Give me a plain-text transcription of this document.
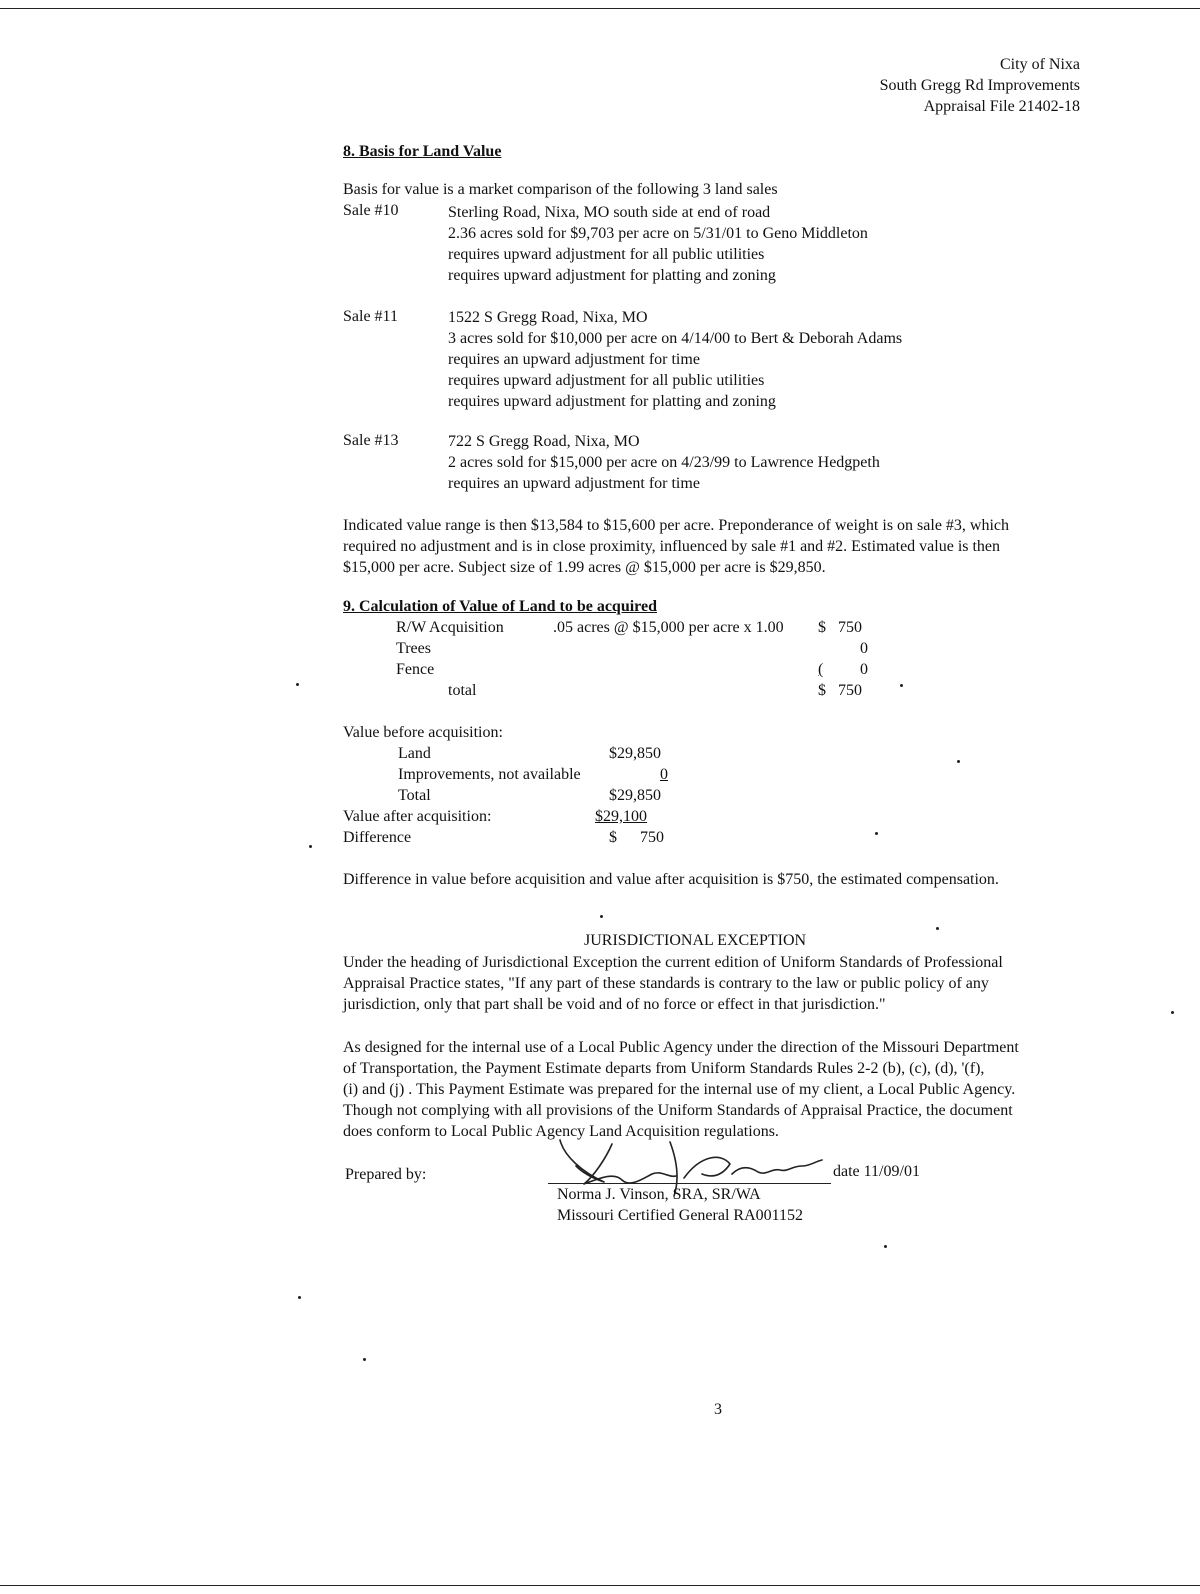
City of Nixa
South Gregg Rd Improvements
Appraisal File 21402-18
8. Basis for Land Value
Basis for value is a market comparison of the following 3 land sales
Sale #10	Sterling Road, Nixa, MO south side at end of road
2.36 acres sold for $9,703 per acre on 5/31/01 to Geno Middleton
requires upward adjustment for all public utilities
requires upward adjustment for platting and zoning
Sale #11	1522 S Gregg Road, Nixa, MO
3 acres sold for $10,000 per acre on 4/14/00 to Bert & Deborah Adams
requires an upward adjustment for time
requires upward adjustment for all public utilities
requires upward adjustment for platting and zoning
Sale #13	722 S Gregg Road, Nixa, MO
2 acres sold for $15,000 per acre on 4/23/99 to Lawrence Hedgpeth
requires an upward adjustment for time
Indicated value range is then $13,584 to $15,600 per acre. Preponderance of weight is on sale #3, which
required no adjustment and is in close proximity, influenced by sale #1 and #2. Estimated value is then
$15,000 per acre. Subject size of 1.99 acres @ $15,000 per acre is $29,850.
9. Calculation of Value of Land to be acquired
R/W Acquisition	.05 acres @ $15,000 per acre x 1.00 $ 750
Trees	0
Fence	( 0
total	$ 750
Value before acquisition:
Land	$29,850
Improvements, not available	0
Total	$29,850
Value after acquisition:	$29,100
Difference	$ 750
Difference in value before acquisition and value after acquisition is $750, the estimated compensation.
JURISDICTIONAL EXCEPTION
Under the heading of Jurisdictional Exception the current edition of Uniform Standards of Professional
Appraisal Practice states, "If any part of these standards is contrary to the law or public policy of any
jurisdiction, only that part shall be void and of no force or effect in that jurisdiction."
As designed for the internal use of a Local Public Agency under the direction of the Missouri Department
of Transportation, the Payment Estimate departs from Uniform Standards Rules 2-2 (b), (c), (d), '(f),
(i) and (j) . This Payment Estimate was prepared for the internal use of my client, a Local Public Agency.
Though not complying with all provisions of the Uniform Standards of Appraisal Practice, the document
does conform to Local Public Agency Land Acquisition regulations.
Prepared by:	date 11/09/01
Norma J. Vinson, SRA, SR/WA
Missouri Certified General RA001152
3
